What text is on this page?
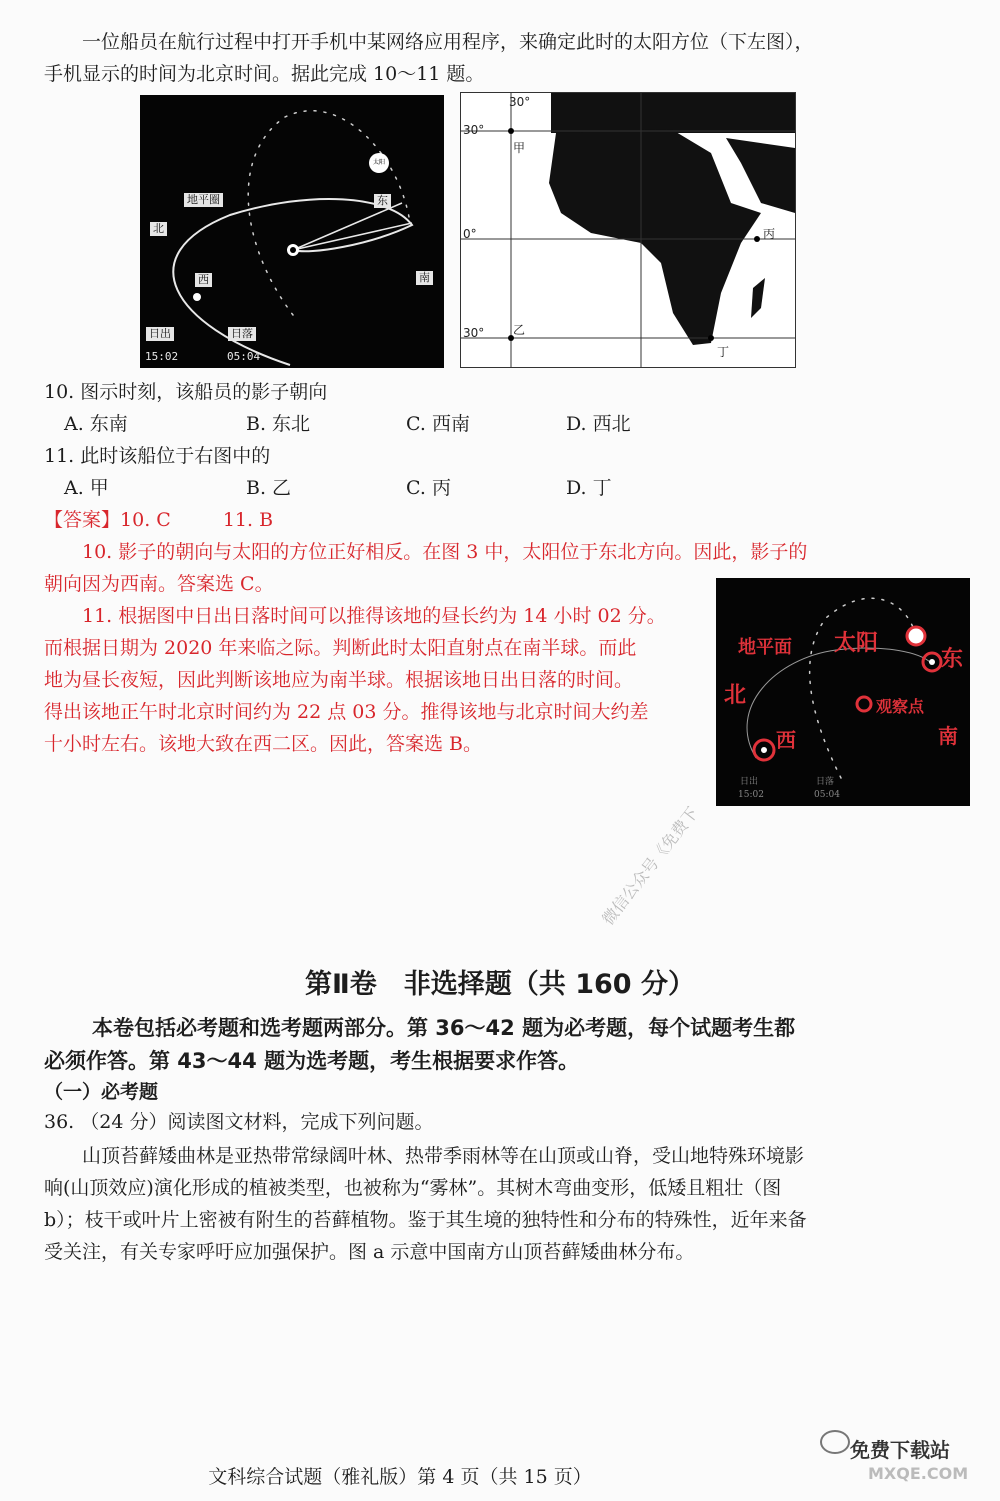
一位船员在航行过程中打开手机中某网络应用程序，来确定此时的太阳方位（下左图），

手机显示的时间为北京时间。据此完成 10～11 题。

太阳
地平圈
北
东
西	南
日出
15:02
日落
05:04
30°
30°
0°
30°
甲
乙
丙
丁

10. 图示时刻，该船员的影子朝向

A. 东南	B. 东北	C. 西南	D. 西北

11. 此时该船位于右图中的

A. 甲	B. 乙	C. 丙	D. 丁
【答案】10. C	11. B

10. 影子的朝向与太阳的方位正好相反。在图 3 中，太阳位于东北方向。因此，影子的

朝向因为西南。答案选 C。

11. 根据图中日出日落时间可以推得该地的昼长约为 14 小时 02 分。

而根据日期为 2020 年来临之际。判断此时太阳直射点在南半球。而此

地为昼长夜短，因此判断该地应为南半球。根据该地日出日落的时间。

得出该地正午时北京时间约为 22 点 03 分。推得该地与北京时间大约差

十小时左右。该地大致在西二区。因此，答案选 B。

地平面 太阳
东
北	观察点
西	南
日出
15:02
日落
05:04
微信公众号《免费下
第Ⅱ卷　非选择题（共 160 分）

本卷包括必考题和选考题两部分。第 36～42 题为必考题，每个试题考生都

必须作答。第 43～44 题为选考题，考生根据要求作答。

（一）必考题

36. （24 分）阅读图文材料，完成下列问题。

山顶苔藓矮曲林是亚热带常绿阔叶林、热带季雨林等在山顶或山脊，受山地特殊环境影

响(山顶效应)演化形成的植被类型，也被称为“雾林”。其树木弯曲变形，低矮且粗壮（图

b）；枝干或叶片上密被有附生的苔藓植物。鉴于其生境的独特性和分布的特殊性，近年来备

受关注，有关专家呼吁应加强保护。图 a 示意中国南方山顶苔藓矮曲林分布。

文科综合试题（雅礼版）第 4 页（共 15 页）
免费下载站
MXQE.COM
